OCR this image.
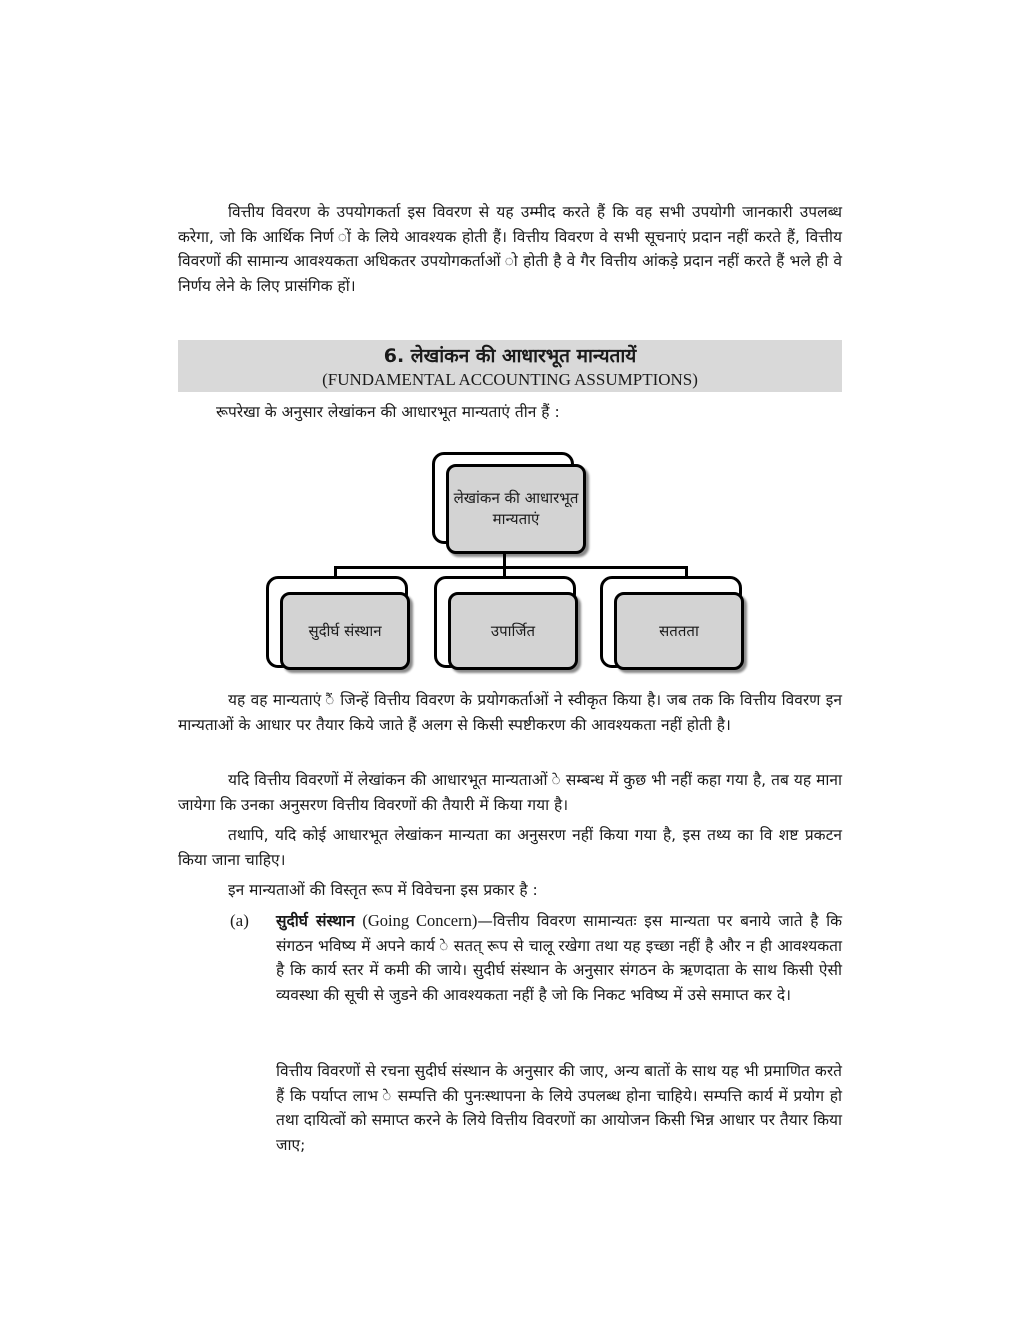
वित्तीय विवरण के उपयोगकर्ता इस विवरण से यह उम्मीद करते हैं कि वह सभी उपयोगी जानकारी उपलब्ध करेगा, जो कि आर्थिक निर्ण ों के लिये आवश्यक होती हैं। वित्तीय विवरण वे सभी सूचनाएं प्रदान नहीं करते हैं, वित्तीय विवरणों की सामान्य आवश्यकता अधिकतर उपयोगकर्ताओं ो होती है वे गैर वित्तीय आंकड़े प्रदान नहीं करते हैं भले ही वे निर्णय लेने के लिए प्रासंगिक हों।

6. लेखांकन की आधारभूत मान्यतायें
(FUNDAMENTAL ACCOUNTING ASSUMPTIONS)

रूपरेखा के अनुसार लेखांकन की आधारभूत मान्यताएं तीन हैं :

लेखांकन की आधारभूत मान्यताएं
सुदीर्घ संस्थान	उपार्जित	सततता

यह वह मान्यताएं ैं जिन्हें वित्तीय विवरण के प्रयोगकर्ताओं ने स्वीकृत किया है। जब तक कि वित्तीय विवरण इन मान्यताओं के आधार पर तैयार किये जाते हैं अलग से किसी स्पष्टीकरण की आवश्यकता नहीं होती है।

यदि वित्तीय विवरणों में लेखांकन की आधारभूत मान्यताओं े सम्बन्ध में कुछ भी नहीं कहा गया है, तब यह माना जायेगा कि उनका अनुसरण वित्तीय विवरणों की तैयारी में किया गया है।

तथापि, यदि कोई आधारभूत लेखांकन मान्यता का अनुसरण नहीं किया गया है, इस तथ्य का वि शष्ट प्रकटन किया जाना चाहिए।

इन मान्यताओं की विस्तृत रूप में विवेचना इस प्रकार है :

(a) सुदीर्घ संस्थान (Going Concern)—वित्तीय विवरण सामान्यतः इस मान्यता पर बनाये जाते है कि संगठन भविष्य में अपने कार्य े सतत् रूप से चालू रखेगा तथा यह इच्छा नहीं है और न ही आवश्यकता है कि कार्य स्तर में कमी की जाये। सुदीर्घ संस्थान के अनुसार संगठन के ऋणदाता के साथ किसी ऐसी व्यवस्था की सूची से जुडने की आवश्यकता नहीं है जो कि निकट भविष्य में उसे समाप्त कर दे।

वित्तीय विवरणों से रचना सुदीर्घ संस्थान के अनुसार की जाए, अन्य बातों के साथ यह भी प्रमाणित करते हैं कि पर्याप्त लाभ े सम्पत्ति की पुनःस्थापना के लिये उपलब्ध होना चाहिये। सम्पत्ति कार्य में प्रयोग हो तथा दायित्वों को समाप्त करने के लिये वित्तीय विवरणों का आयोजन किसी भिन्न आधार पर तैयार किया जाए;
